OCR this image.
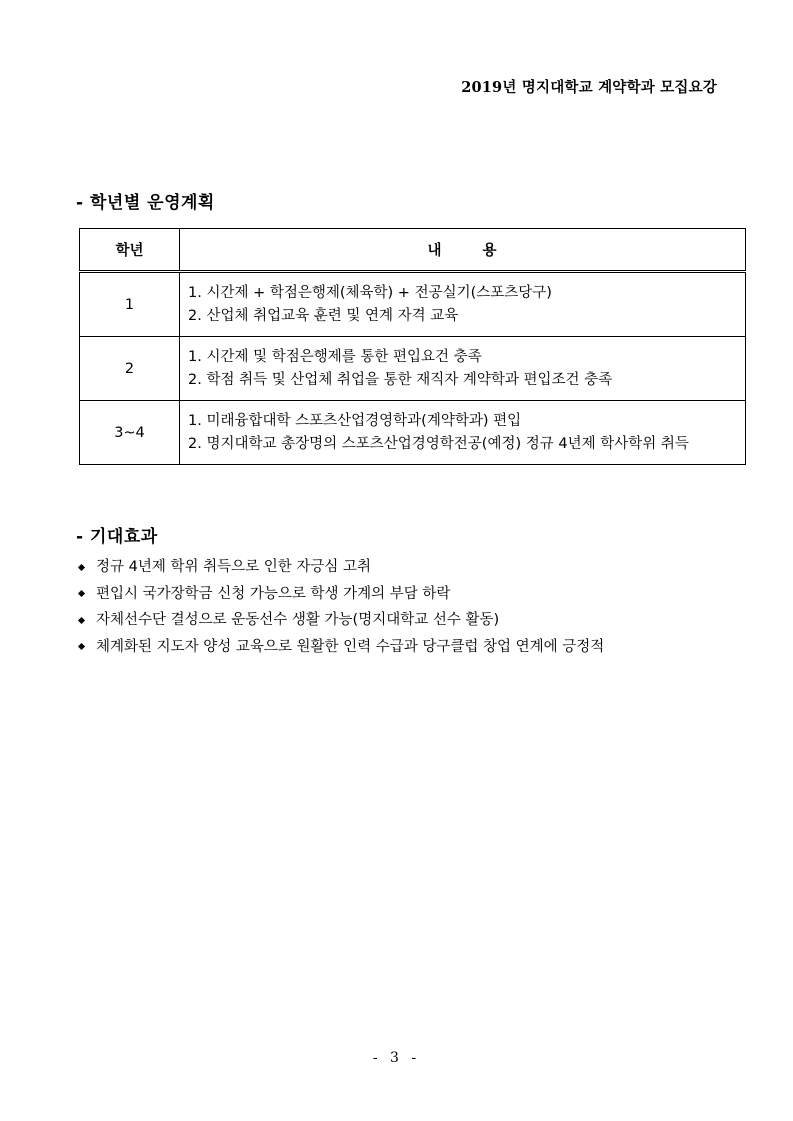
2019년 명지대학교 계약학과 모집요강
- 학년별 운영계획
학년	내 용
1	1. 시간제 + 학점은행제(체육학) + 전공실기(스포츠당구)
2. 산업체 취업교육 훈련 및 연계 자격 교육

2	1. 시간제 및 학점은행제를 통한 편입요건 충족
2. 학점 취득 및 산업체 취업을 통한 재직자 계약학과 편입조건 충족

3~4	1. 미래융합대학 스포츠산업경영학과(계약학과) 편입
2. 명지대학교 총장명의 스포츠산업경영학전공(예정) 정규 4년제 학사학위 취득
- 기대효과
정규 4년제 학위 취득으로 인한 자긍심 고취
편입시 국가장학금 신청 가능으로 학생 가계의 부담 하락
자체선수단 결성으로 운동선수 생활 가능(명지대학교 선수 활동)
체계화된 지도자 양성 교육으로 원활한 인력 수급과 당구클럽 창업 연계에 긍정적
- 3 -
